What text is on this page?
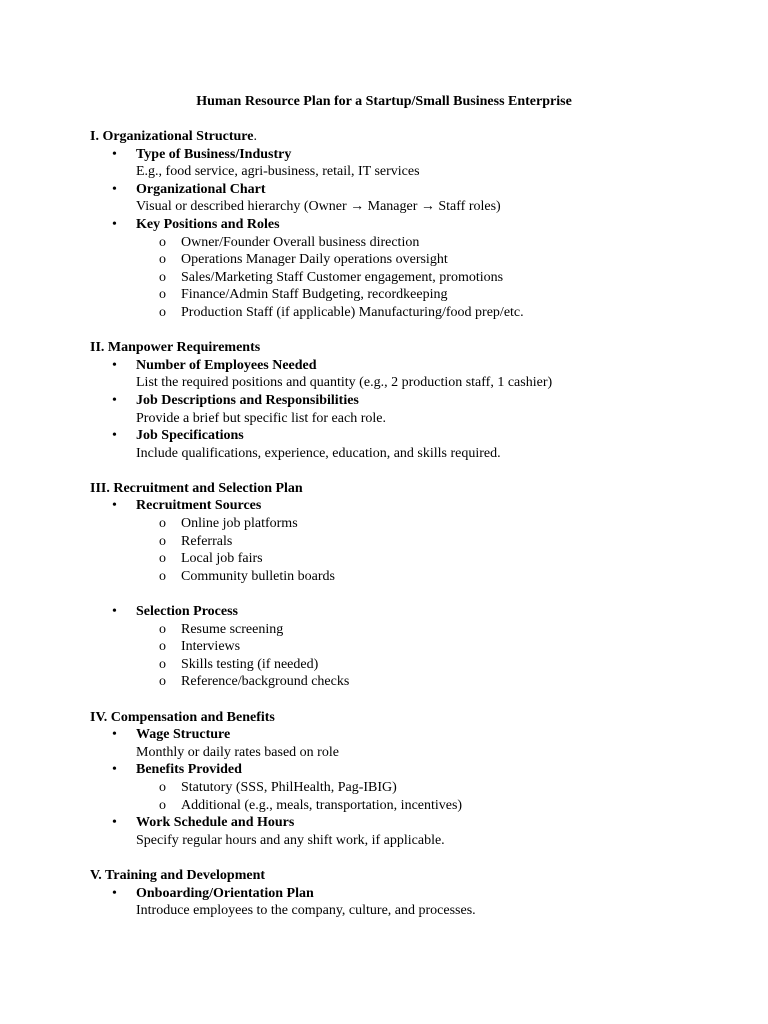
Human Resource Plan for a Startup/Small Business Enterprise
I. Organizational Structure.
• Type of Business/Industry
E.g., food service, agri-business, retail, IT services
• Organizational Chart
Visual or described hierarchy (Owner → Manager → Staff roles)
• Key Positions and Roles
o Owner/Founder Overall business direction
o Operations Manager Daily operations oversight
o Sales/Marketing Staff Customer engagement, promotions
o Finance/Admin Staff Budgeting, recordkeeping
o Production Staff (if applicable) Manufacturing/food prep/etc.
II. Manpower Requirements
• Number of Employees Needed
List the required positions and quantity (e.g., 2 production staff, 1 cashier)
• Job Descriptions and Responsibilities
Provide a brief but specific list for each role.
• Job Specifications
Include qualifications, experience, education, and skills required.
III. Recruitment and Selection Plan
• Recruitment Sources
o Online job platforms
o Referrals
o Local job fairs
o Community bulletin boards
• Selection Process
o Resume screening
o Interviews
o Skills testing (if needed)
o Reference/background checks
IV. Compensation and Benefits
• Wage Structure
Monthly or daily rates based on role
• Benefits Provided
o Statutory (SSS, PhilHealth, Pag-IBIG)
o Additional (e.g., meals, transportation, incentives)
• Work Schedule and Hours
Specify regular hours and any shift work, if applicable.
V. Training and Development
• Onboarding/Orientation Plan
Introduce employees to the company, culture, and processes.
